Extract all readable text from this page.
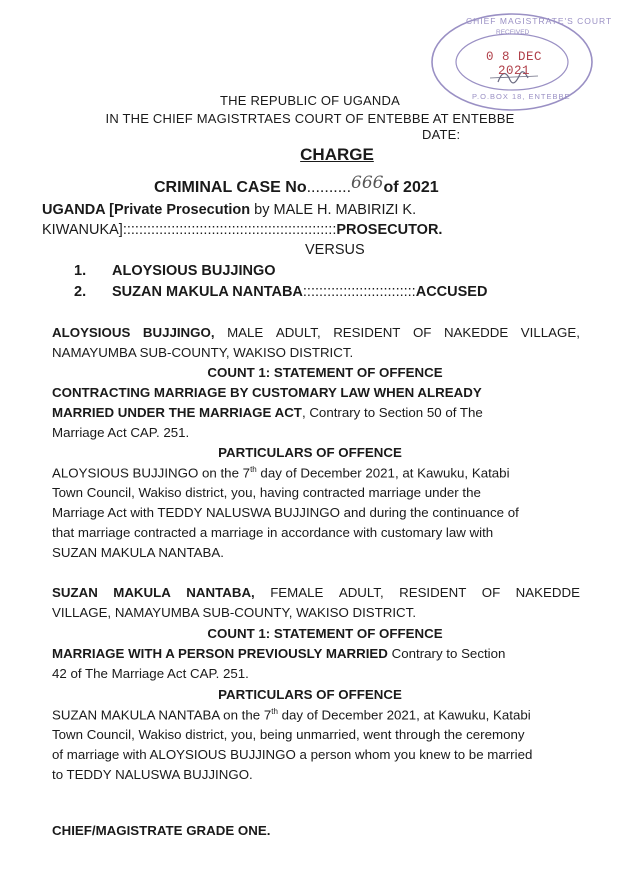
CHIEF MAGISTRATE'S COURT
RECEIVED
0 8 DEC 2021
P.O.BOX 18, ENTEBBE
THE REPUBLIC OF UGANDA
IN THE CHIEF MAGISTRTAES COURT OF ENTEBBE AT ENTEBBE
DATE:
CHARGE
CRIMINAL CASE No..........666of 2021
UGANDA [Private Prosecution by MALE H. MABIRIZI K.
KIWANUKA]:::::::::::::::::::::::::::::::::::::::::::::::::::::PROSECUTOR.
VERSUS
1. ALOYSIOUS BUJJINGO
2. SUZAN MAKULA NANTABA::::::::::::::::::::::::::::ACCUSED
ALOYSIOUS BUJJINGO, MALE ADULT, RESIDENT OF NAKEDDE VILLAGE,
NAMAYUMBA SUB-COUNTY, WAKISO DISTRICT.
COUNT 1: STATEMENT OF OFFENCE
CONTRACTING MARRIAGE BY CUSTOMARY LAW WHEN ALREADY
MARRIED UNDER THE MARRIAGE ACT, Contrary to Section 50 of The
Marriage Act CAP. 251.
PARTICULARS OF OFFENCE
ALOYSIOUS BUJJINGO on the 7th day of December 2021, at Kawuku, Katabi
Town Council, Wakiso district, you, having contracted marriage under the
Marriage Act with TEDDY NALUSWA BUJJINGO and during the continuance of
that marriage contracted a marriage in accordance with customary law with
SUZAN MAKULA NANTABA.
SUZAN MAKULA NANTABA, FEMALE ADULT, RESIDENT OF NAKEDDE
VILLAGE, NAMAYUMBA SUB-COUNTY, WAKISO DISTRICT.
COUNT 1: STATEMENT OF OFFENCE
MARRIAGE WITH A PERSON PREVIOUSLY MARRIED Contrary to Section
42 of The Marriage Act CAP. 251.
PARTICULARS OF OFFENCE
SUZAN MAKULA NANTABA on the 7th day of December 2021, at Kawuku, Katabi
Town Council, Wakiso district, you, being unmarried, went through the ceremony
of marriage with ALOYSIOUS BUJJINGO a person whom you knew to be married
to TEDDY NALUSWA BUJJINGO.
CHIEF/MAGISTRATE GRADE ONE.
